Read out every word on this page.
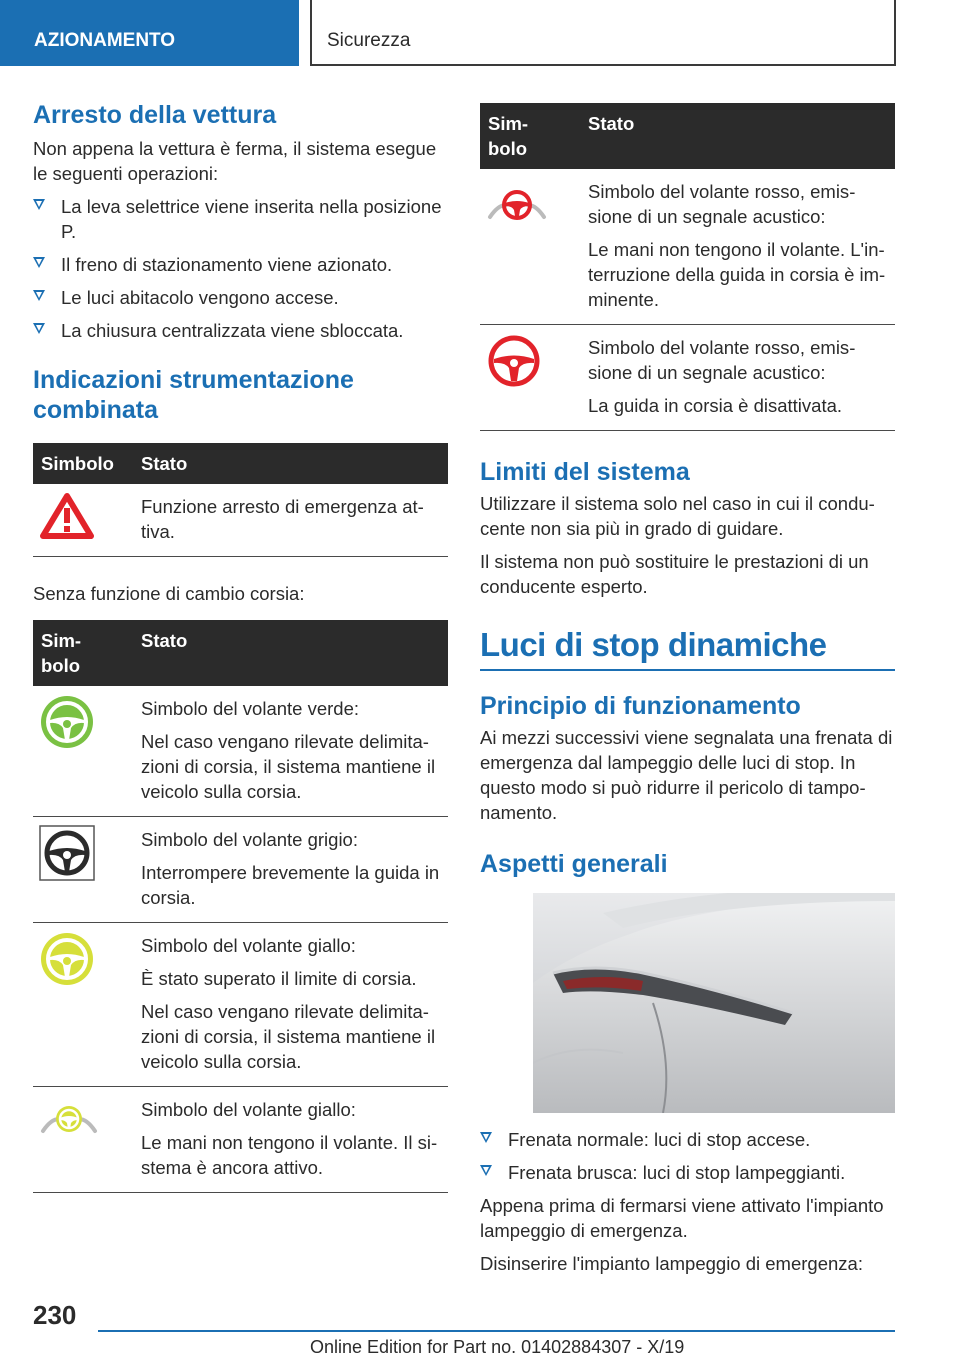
AZIONAMENTO	Sicurezza
Arresto della vettura

Non appena la vettura è ferma, il sistema esegue le seguenti operazioni:

La leva selettrice viene inserita nella posizione P.
Il freno di stazionamento viene azionato.
Le luci abitacolo vengono accese.
La chiusura centralizzata viene sbloccata.
Indicazioni strumentazione
combinata
Simbolo	Stato

Funzione arresto di emergenza attiva.

Senza funzione di cambio corsia:

Sim-
bolo	Stato

Simbolo del volante verde:

Nel caso vengano rilevate delimitazioni di corsia, il sistema mantiene il veicolo sulla corsia.

Simbolo del volante grigio:

Interrompere brevemente la guida in corsia.

Simbolo del volante giallo:

È stato superato il limite di corsia.

Nel caso vengano rilevate delimitazioni di corsia, il sistema mantiene il veicolo sulla corsia.

Simbolo del volante giallo:

Le mani non tengono il volante. Il sistema è ancora attivo.

Sim-
bolo	Stato

Simbolo del volante rosso, emissione di un segnale acustico:

Le mani non tengono il volante. L'interruzione della guida in corsia è imminente.

Simbolo del volante rosso, emissione di un segnale acustico:

La guida in corsia è disattivata.

Limiti del sistema

Utilizzare il sistema solo nel caso in cui il conducente non sia più in grado di guidare.

Il sistema non può sostituire le prestazioni di un conducente esperto.

Luci di stop dinamiche
Principio di funzionamento

Ai mezzi successivi viene segnalata una frenata di emergenza dal lampeggio delle luci di stop. In questo modo si può ridurre il pericolo di tamponamento.

Aspetti generali
Frenata normale: luci di stop accese.
Frenata brusca: luci di stop lampeggianti.

Appena prima di fermarsi viene attivato l'impianto lampeggio di emergenza.

Disinserire l'impianto lampeggio di emergenza:

230
Online Edition for Part no. 01402884307 - X/19
